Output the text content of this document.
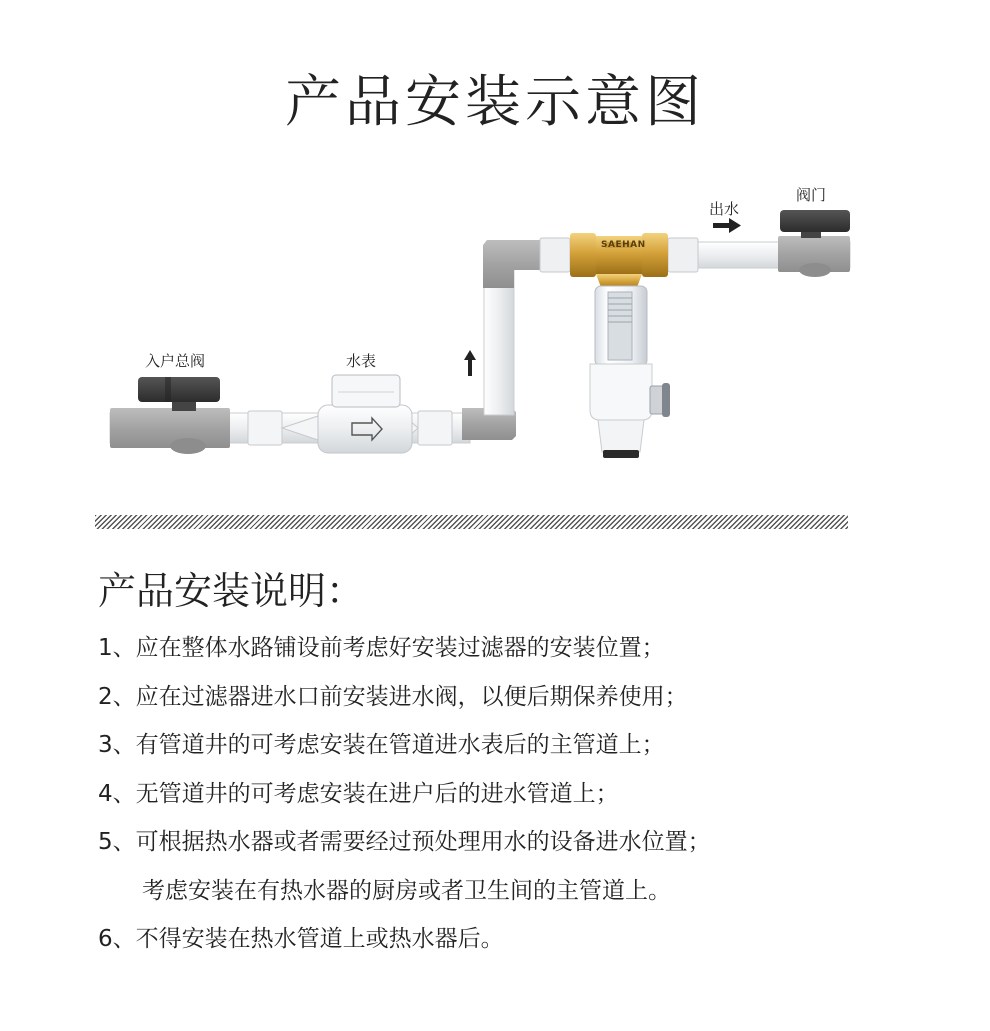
产品安装示意图
入户总阀	水表
出水
阀门
SAEHAN
产品安装说明：
1、应在整体水路铺设前考虑好安装过滤器的安装位置；
2、应在过滤器进水口前安装进水阀，以便后期保养使用；
3、有管道井的可考虑安装在管道进水表后的主管道上；
4、无管道井的可考虑安装在进户后的进水管道上；
5、可根据热水器或者需要经过预处理用水的设备进水位置；
考虑安装在有热水器的厨房或者卫生间的主管道上。
6、不得安装在热水管道上或热水器后。
